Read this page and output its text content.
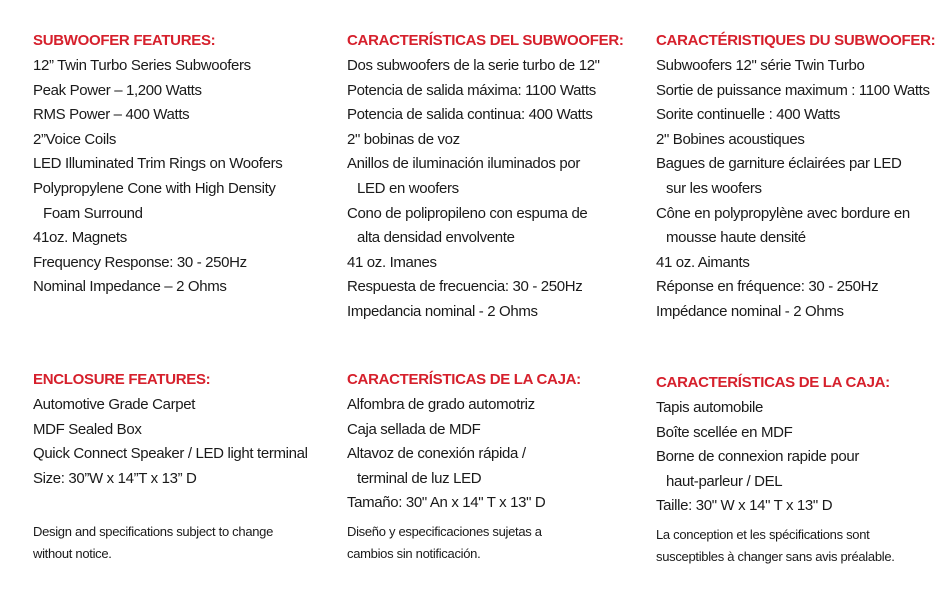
SUBWOOFER FEATURES:
12” Twin Turbo Series Subwoofers
Peak Power – 1,200 Watts
RMS Power – 400 Watts
2”Voice Coils
LED Illuminated Trim Rings on Woofers
Polypropylene Cone with High Density
Foam Surround
41oz. Magnets
Frequency Response: 30 - 250Hz
Nominal Impedance – 2 Ohms
ENCLOSURE FEATURES:
Automotive Grade Carpet
MDF Sealed Box
Quick Connect Speaker / LED light terminal
Size: 30”W x 14”T x 13” D

Design and specifications subject to change
without notice.

CARACTERÍSTICAS DEL SUBWOOFER:
Dos subwoofers de la serie turbo de 12"
Potencia de salida máxima: 1100 Watts
Potencia de salida continua: 400 Watts
2" bobinas de voz
Anillos de iluminación iluminados por
LED en woofers
Cono de polipropileno con espuma de
alta densidad envolvente
41 oz. Imanes
Respuesta de frecuencia: 30 - 250Hz
Impedancia nominal - 2 Ohms
CARACTERÍSTICAS DE LA CAJA:
Alfombra de grado automotriz
Caja sellada de MDF
Altavoz de conexión rápida /
terminal de luz LED
Tamaño: 30" An x 14" T x 13" D

Diseño y especificaciones sujetas a
cambios sin notificación.

CARACTÉRISTIQUES DU SUBWOOFER:
Subwoofers 12" série Twin Turbo
Sortie de puissance maximum : 1100 Watts
Sorite continuelle : 400 Watts
2" Bobines acoustiques
Bagues de garniture éclairées par LED
sur les woofers
Cône en polypropylène avec bordure en
mousse haute densité
41 oz. Aimants
Réponse en fréquence: 30 - 250Hz
Impédance nominal - 2 Ohms
CARACTERÍSTICAS DE LA CAJA:
Tapis automobile
Boîte scellée en MDF
Borne de connexion rapide pour
haut-parleur / DEL
Taille: 30" W x 14" T x 13" D

La conception et les spécifications sont
susceptibles à changer sans avis préalable.
